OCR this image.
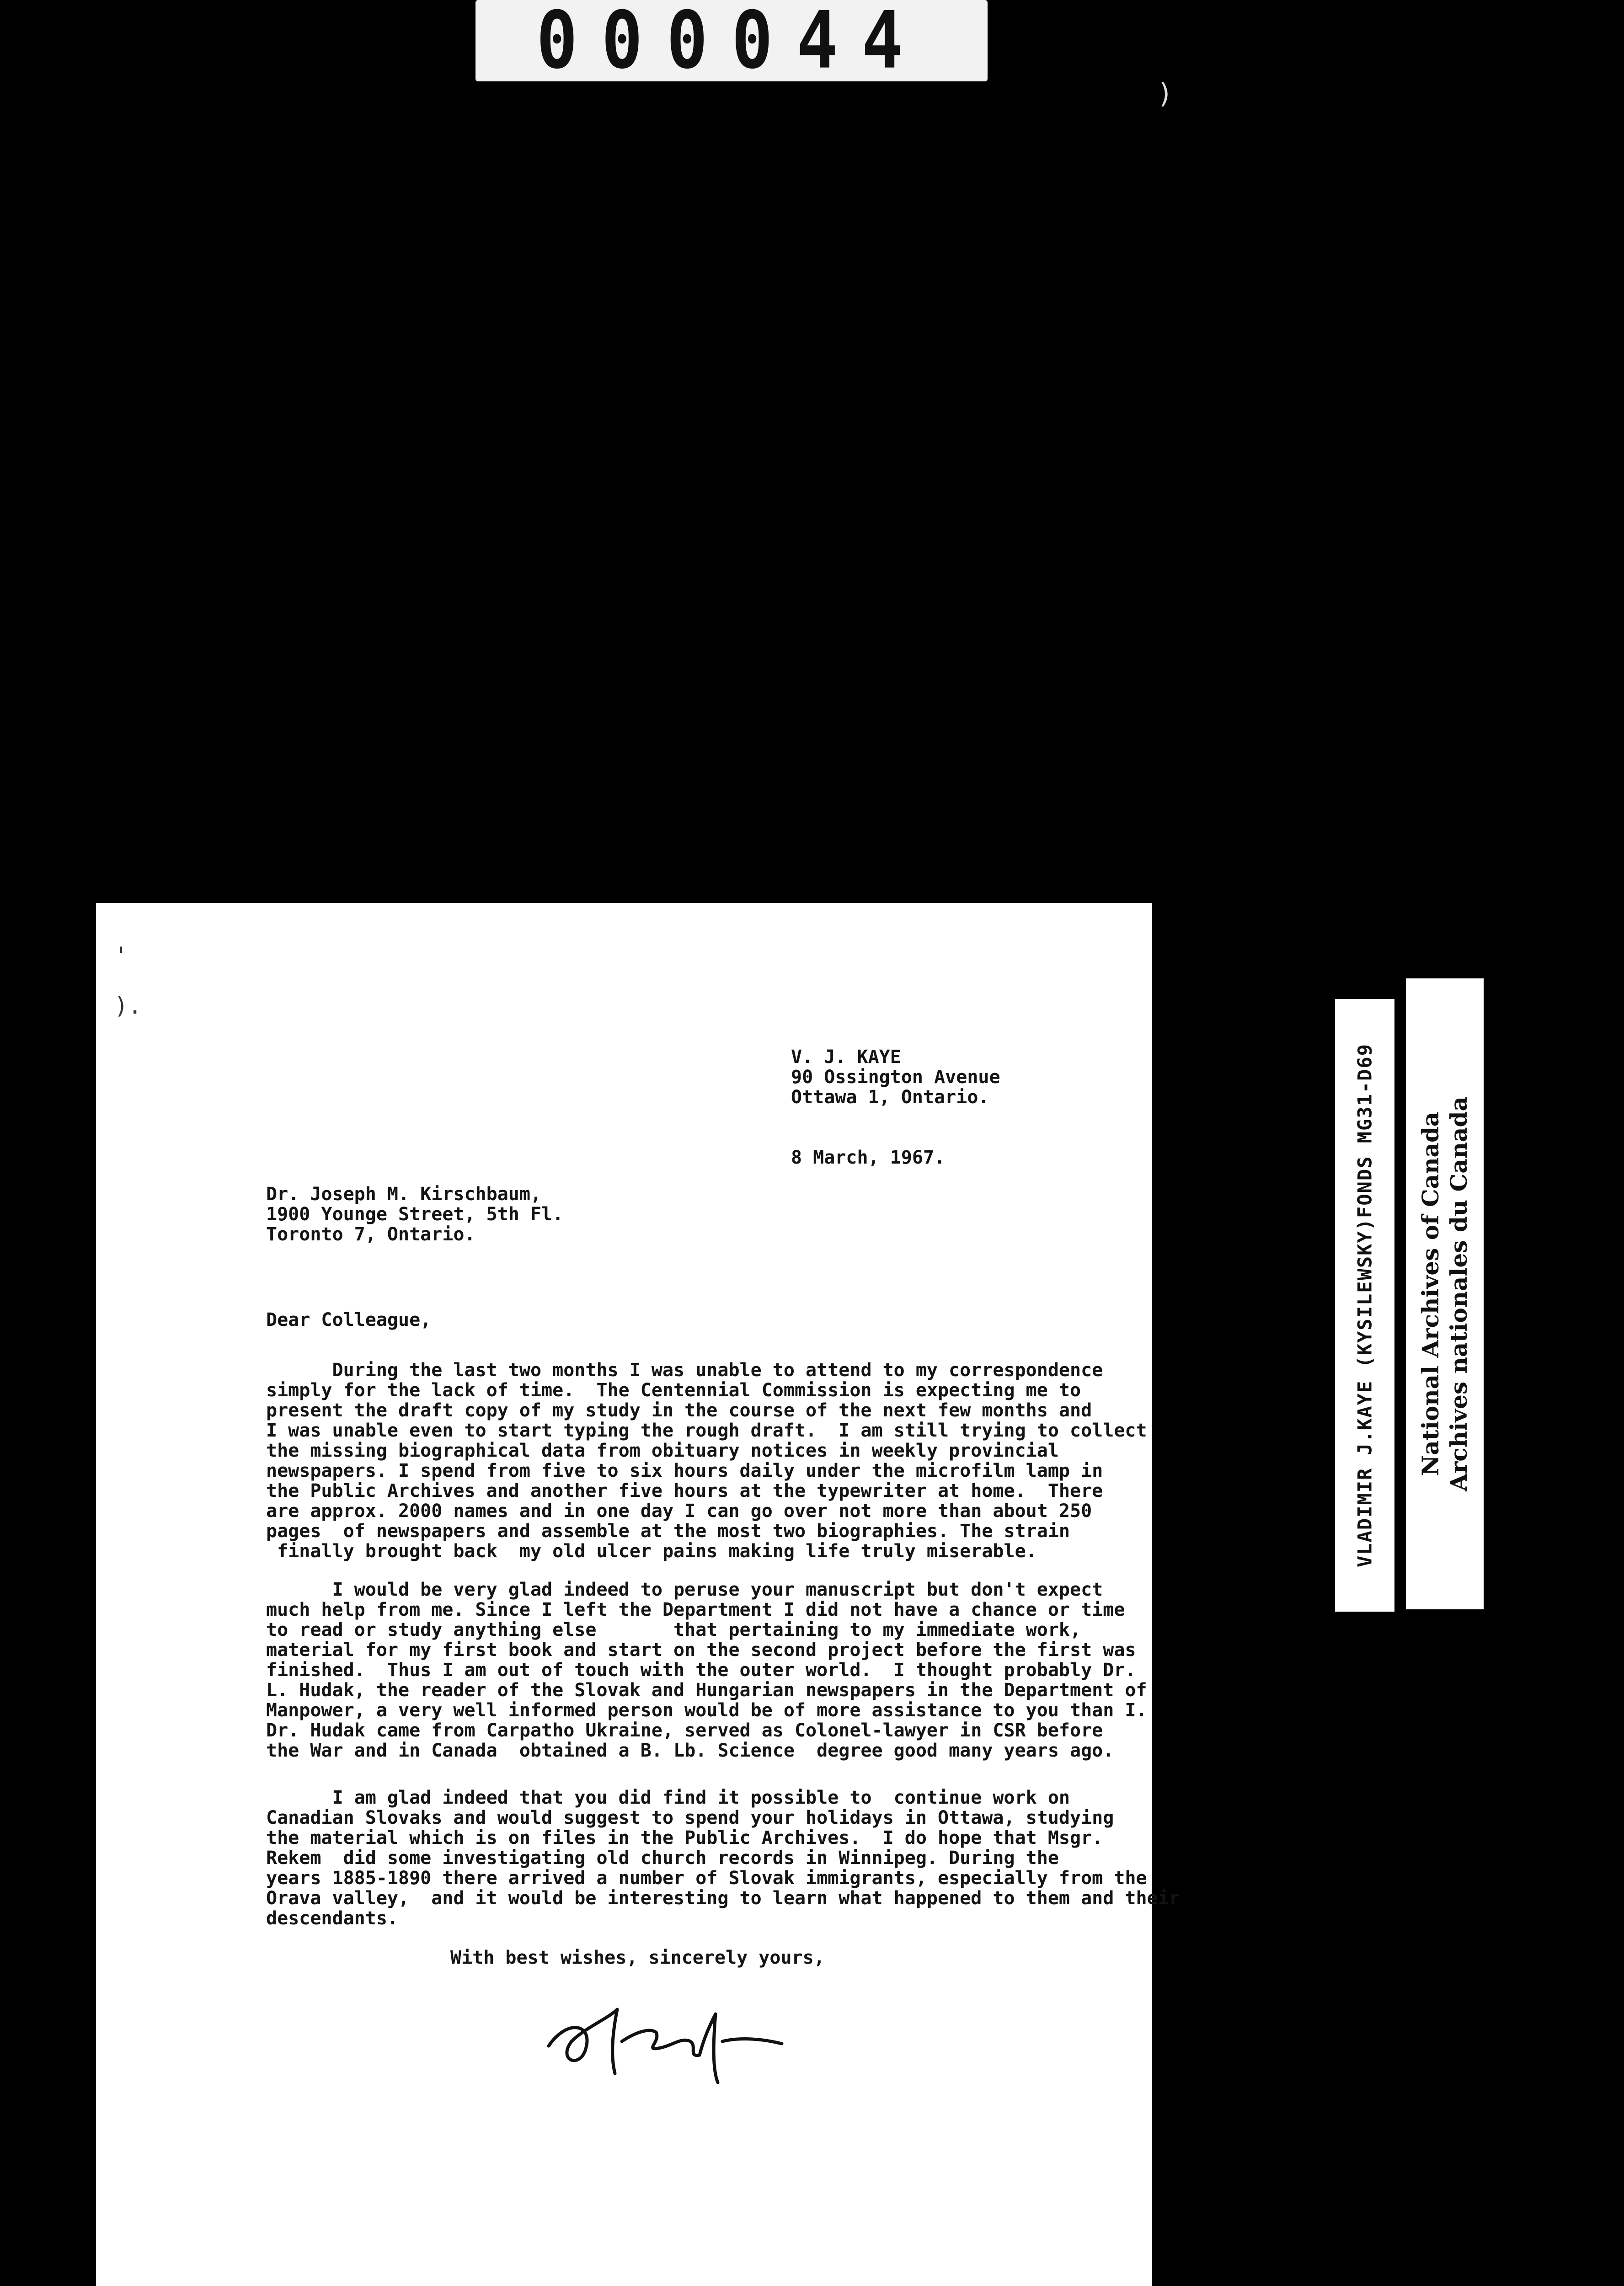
000044
)
'
).
V. J. KAYE
90 Ossington Avenue
Ottawa 1, Ontario.
8 March, 1967.
Dr. Joseph M. Kirschbaum,
1900 Younge Street, 5th Fl.
Toronto 7, Ontario.
Dear Colleague,

During the last two months I was unable to attend to my correspondence

simply for the lack of time.  The Centennial Commission is expecting me to

present the draft copy of my study in the course of the next few months and

I was unable even to start typing the rough draft.  I am still trying to collect

the missing biographical data from obituary notices in weekly provincial

newspapers. I spend from five to six hours daily under the microfilm lamp in

the Public Archives and another five hours at the typewriter at home.  There

are approx. 2000 names and in one day I can go over not more than about 250

pages  of newspapers and assemble at the most two biographies. The strain

finally brought back  my old ulcer pains making life truly miserable.

I would be very glad indeed to peruse your manuscript but don't expect

much help from me. Since I left the Department I did not have a chance or time

to read or study anything else       that pertaining to my immediate work,

material for my first book and start on the second project before the first was

finished.  Thus I am out of touch with the outer world.  I thought probably Dr.

L. Hudak, the reader of the Slovak and Hungarian newspapers in the Department of

Manpower, a very well informed person would be of more assistance to you than I.

Dr. Hudak came from Carpatho Ukraine, served as Colonel-lawyer in CSR before

the War and in Canada  obtained a B. Lb. Science  degree good many years ago.

I am glad indeed that you did find it possible to  continue work on

Canadian Slovaks and would suggest to spend your holidays in Ottawa, studying

the material which is on files in the Public Archives.  I do hope that Msgr.

Rekem  did some investigating old church records in Winnipeg. During the

years 1885-1890 there arrived a number of Slovak immigrants, especially from the

Orava valley,  and it would be interesting to learn what happened to them and their

descendants.

With best wishes, sincerely yours,
VLADIMIR J.KAYE (KYSILEWSKY)FONDS MG31-D69 National Archives of Canada Archives nationales du Canada
